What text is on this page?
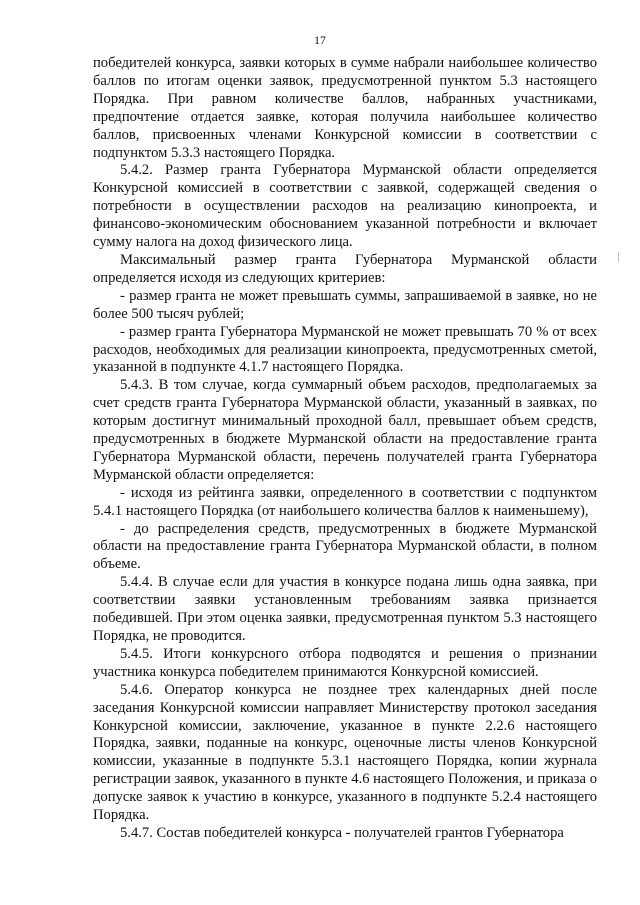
17

победителей конкурса, заявки которых в сумме набрали наибольшее количество баллов по итогам оценки заявок, предусмотренной пунктом 5.3 настоящего Порядка. При равном количестве баллов, набранных участниками, предпочтение отдается заявке, которая получила наибольшее количество баллов, присвоенных членами Конкурсной комиссии в соответствии с подпунктом 5.3.3 настоящего Порядка.

5.4.2. Размер гранта Губернатора Мурманской области определяется Конкурсной комиссией в соответствии с заявкой, содержащей сведения о потребности в осуществлении расходов на реализацию кинопроекта, и финансово-экономическим обоснованием указанной потребности и включает сумму налога на доход физического лица.

Максимальный размер гранта Губернатора Мурманской области определяется исходя из следующих критериев:

- размер гранта не может превышать суммы, запрашиваемой в заявке, но не более 500 тысяч рублей;

- размер гранта Губернатора Мурманской не может превышать 70 % от всех расходов, необходимых для реализации кинопроекта, предусмотренных сметой, указанной в подпункте 4.1.7 настоящего Порядка.

5.4.3. В том случае, когда суммарный объем расходов, предполагаемых за счет средств гранта Губернатора Мурманской области, указанный в заявках, по которым достигнут минимальный проходной балл, превышает объем средств, предусмотренных в бюджете Мурманской области на предоставление гранта Губернатора Мурманской области, перечень получателей гранта Губернатора Мурманской области определяется:

- исходя из рейтинга заявки, определенного в соответствии с подпунктом 5.4.1 настоящего Порядка (от наибольшего количества баллов к наименьшему),

- до распределения средств, предусмотренных в бюджете Мурманской области на предоставление гранта Губернатора Мурманской области, в полном объеме.

5.4.4. В случае если для участия в конкурсе подана лишь одна заявка, при соответствии заявки установленным требованиям заявка признается победившей. При этом оценка заявки, предусмотренная пунктом 5.3 настоящего Порядка, не проводится.

5.4.5. Итоги конкурсного отбора подводятся и решения о признании участника конкурса победителем принимаются Конкурсной комиссией.

5.4.6. Оператор конкурса не позднее трех календарных дней после заседания Конкурсной комиссии направляет Министерству протокол заседания Конкурсной комиссии, заключение, указанное в пункте 2.2.6 настоящего Порядка, заявки, поданные на конкурс, оценочные листы членов Конкурсной комиссии, указанные в подпункте 5.3.1 настоящего Порядка, копии журнала регистрации заявок, указанного в пункте 4.6 настоящего Положения, и приказа о допуске заявок к участию в конкурсе, указанного в подпункте 5.2.4 настоящего Порядка.

5.4.7. Состав победителей конкурса - получателей грантов Губернатора
